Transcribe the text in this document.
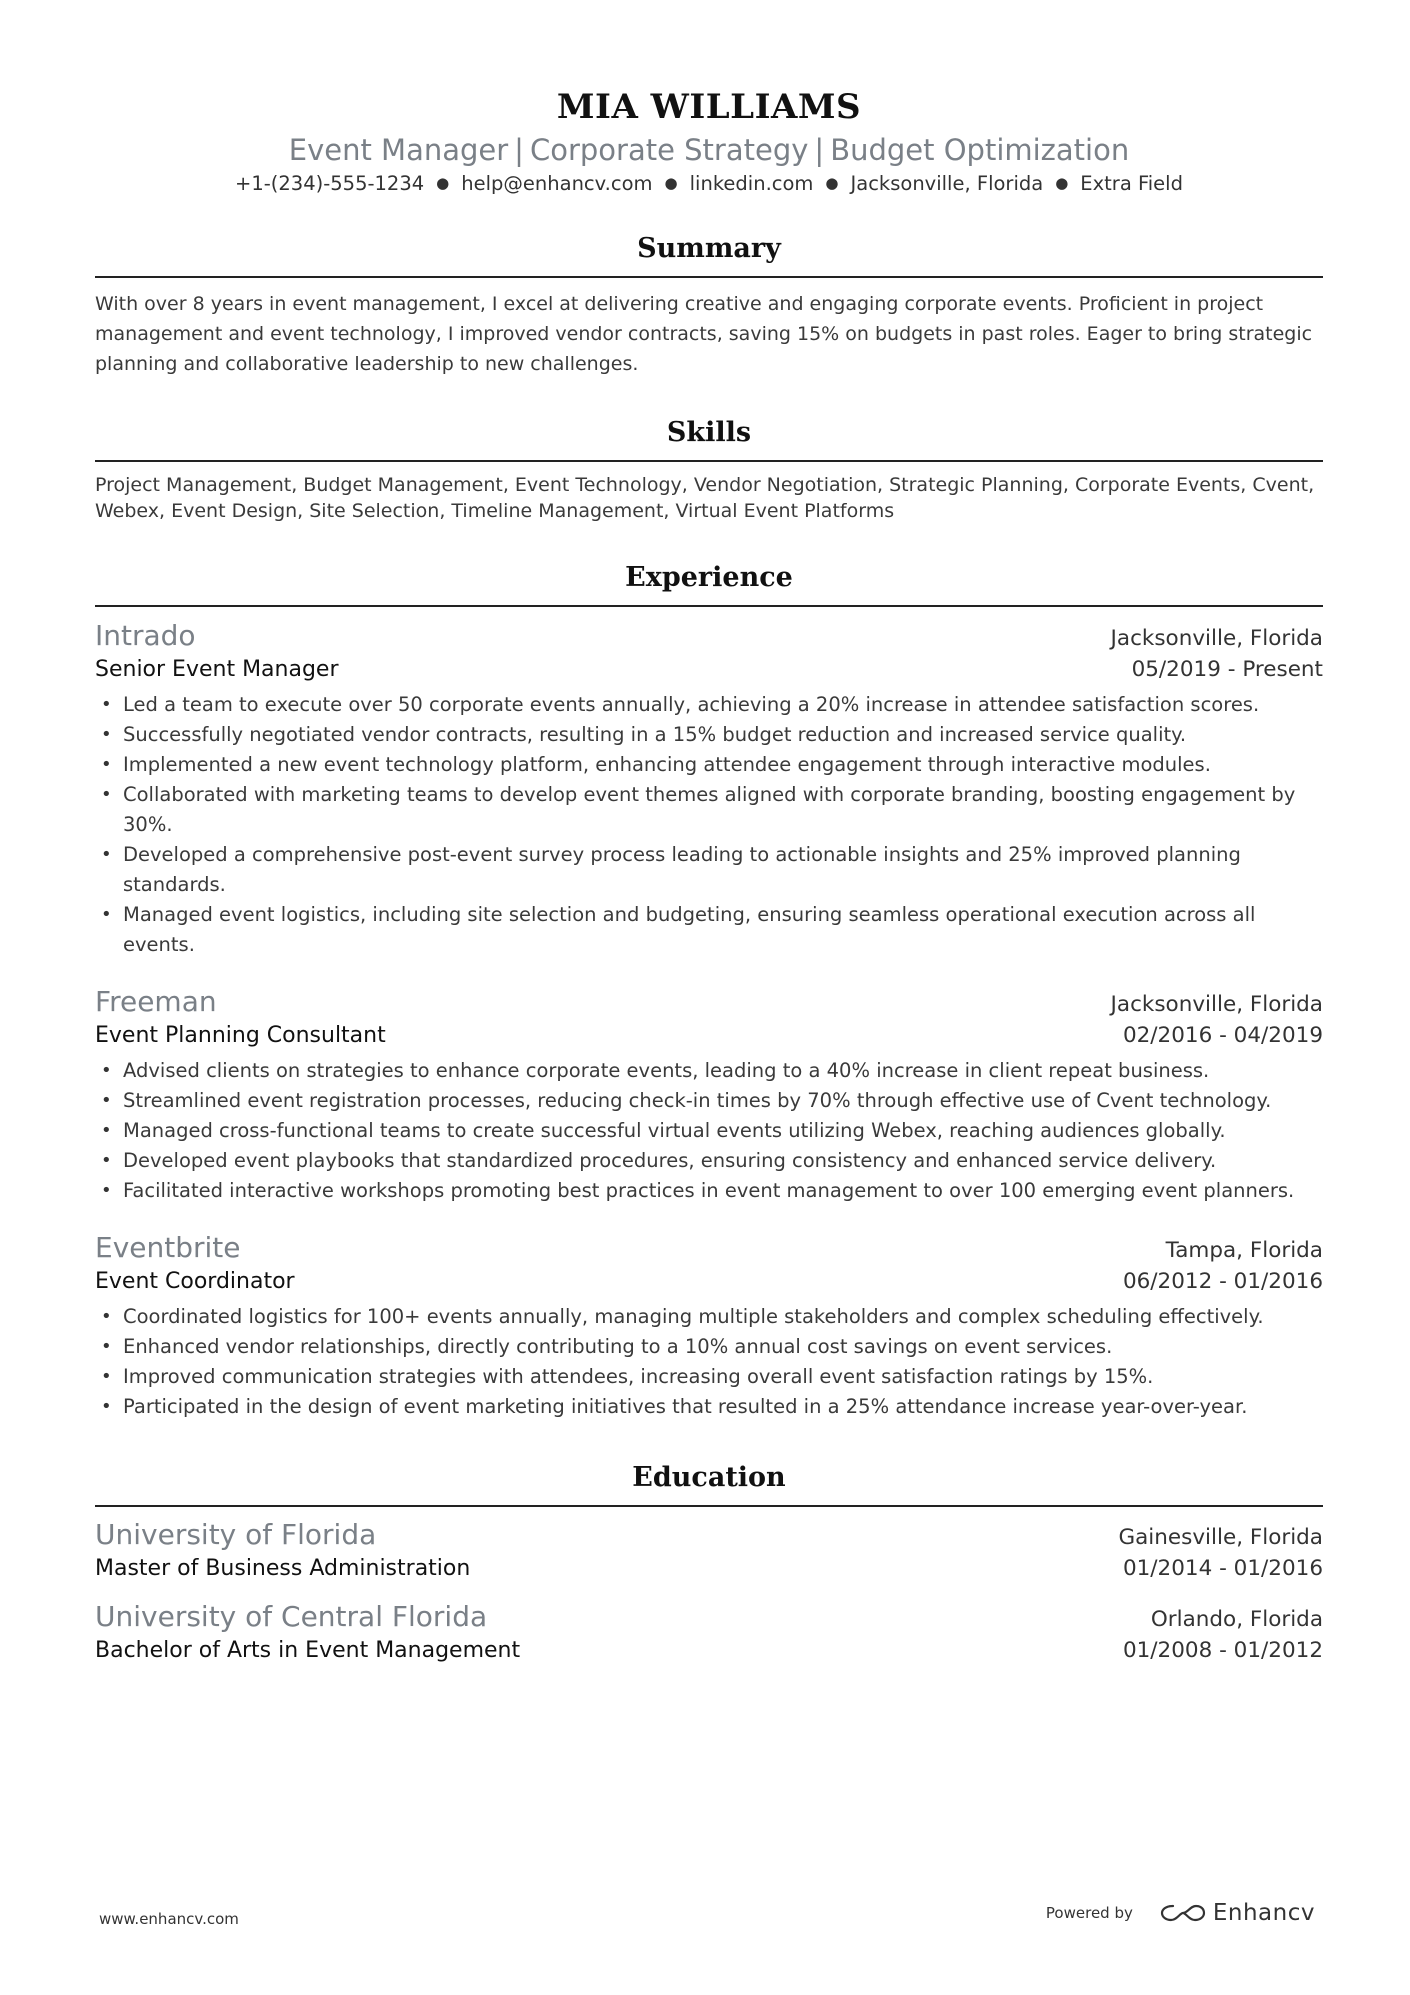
MIA WILLIAMS
Event Manager | Corporate Strategy | Budget Optimization
+1-(234)-555-1234 ● help@enhancv.com ● linkedin.com ● Jacksonville, Florida ● Extra Field
Summary
With over 8 years in event management, I excel at delivering creative and engaging corporate events. Proficient in project management and event technology, I improved vendor contracts, saving 15% on budgets in past roles. Eager to bring strategic planning and collaborative leadership to new challenges.
Skills
Project Management, Budget Management, Event Technology, Vendor Negotiation, Strategic Planning, Corporate Events, Cvent, Webex, Event Design, Site Selection, Timeline Management, Virtual Event Platforms
Experience
Intrado	Jacksonville, Florida
Senior Event Manager	05/2019 - Present
• Led a team to execute over 50 corporate events annually, achieving a 20% increase in attendee satisfaction scores.
• Successfully negotiated vendor contracts, resulting in a 15% budget reduction and increased service quality.
• Implemented a new event technology platform, enhancing attendee engagement through interactive modules.
• Collaborated with marketing teams to develop event themes aligned with corporate branding, boosting engagement by 30%.
• Developed a comprehensive post-event survey process leading to actionable insights and 25% improved planning standards.
• Managed event logistics, including site selection and budgeting, ensuring seamless operational execution across all events.
Freeman	Jacksonville, Florida
Event Planning Consultant	02/2016 - 04/2019
• Advised clients on strategies to enhance corporate events, leading to a 40% increase in client repeat business.
• Streamlined event registration processes, reducing check-in times by 70% through effective use of Cvent technology.
• Managed cross-functional teams to create successful virtual events utilizing Webex, reaching audiences globally.
• Developed event playbooks that standardized procedures, ensuring consistency and enhanced service delivery.
• Facilitated interactive workshops promoting best practices in event management to over 100 emerging event planners.
Eventbrite	Tampa, Florida
Event Coordinator	06/2012 - 01/2016
• Coordinated logistics for 100+ events annually, managing multiple stakeholders and complex scheduling effectively.
• Enhanced vendor relationships, directly contributing to a 10% annual cost savings on event services.
• Improved communication strategies with attendees, increasing overall event satisfaction ratings by 15%.
• Participated in the design of event marketing initiatives that resulted in a 25% attendance increase year-over-year.
Education
University of Florida	Gainesville, Florida
Master of Business Administration	01/2014 - 01/2016
University of Central Florida	Orlando, Florida
Bachelor of Arts in Event Management	01/2008 - 01/2012
www.enhancv.com	Powered by	Enhancv
